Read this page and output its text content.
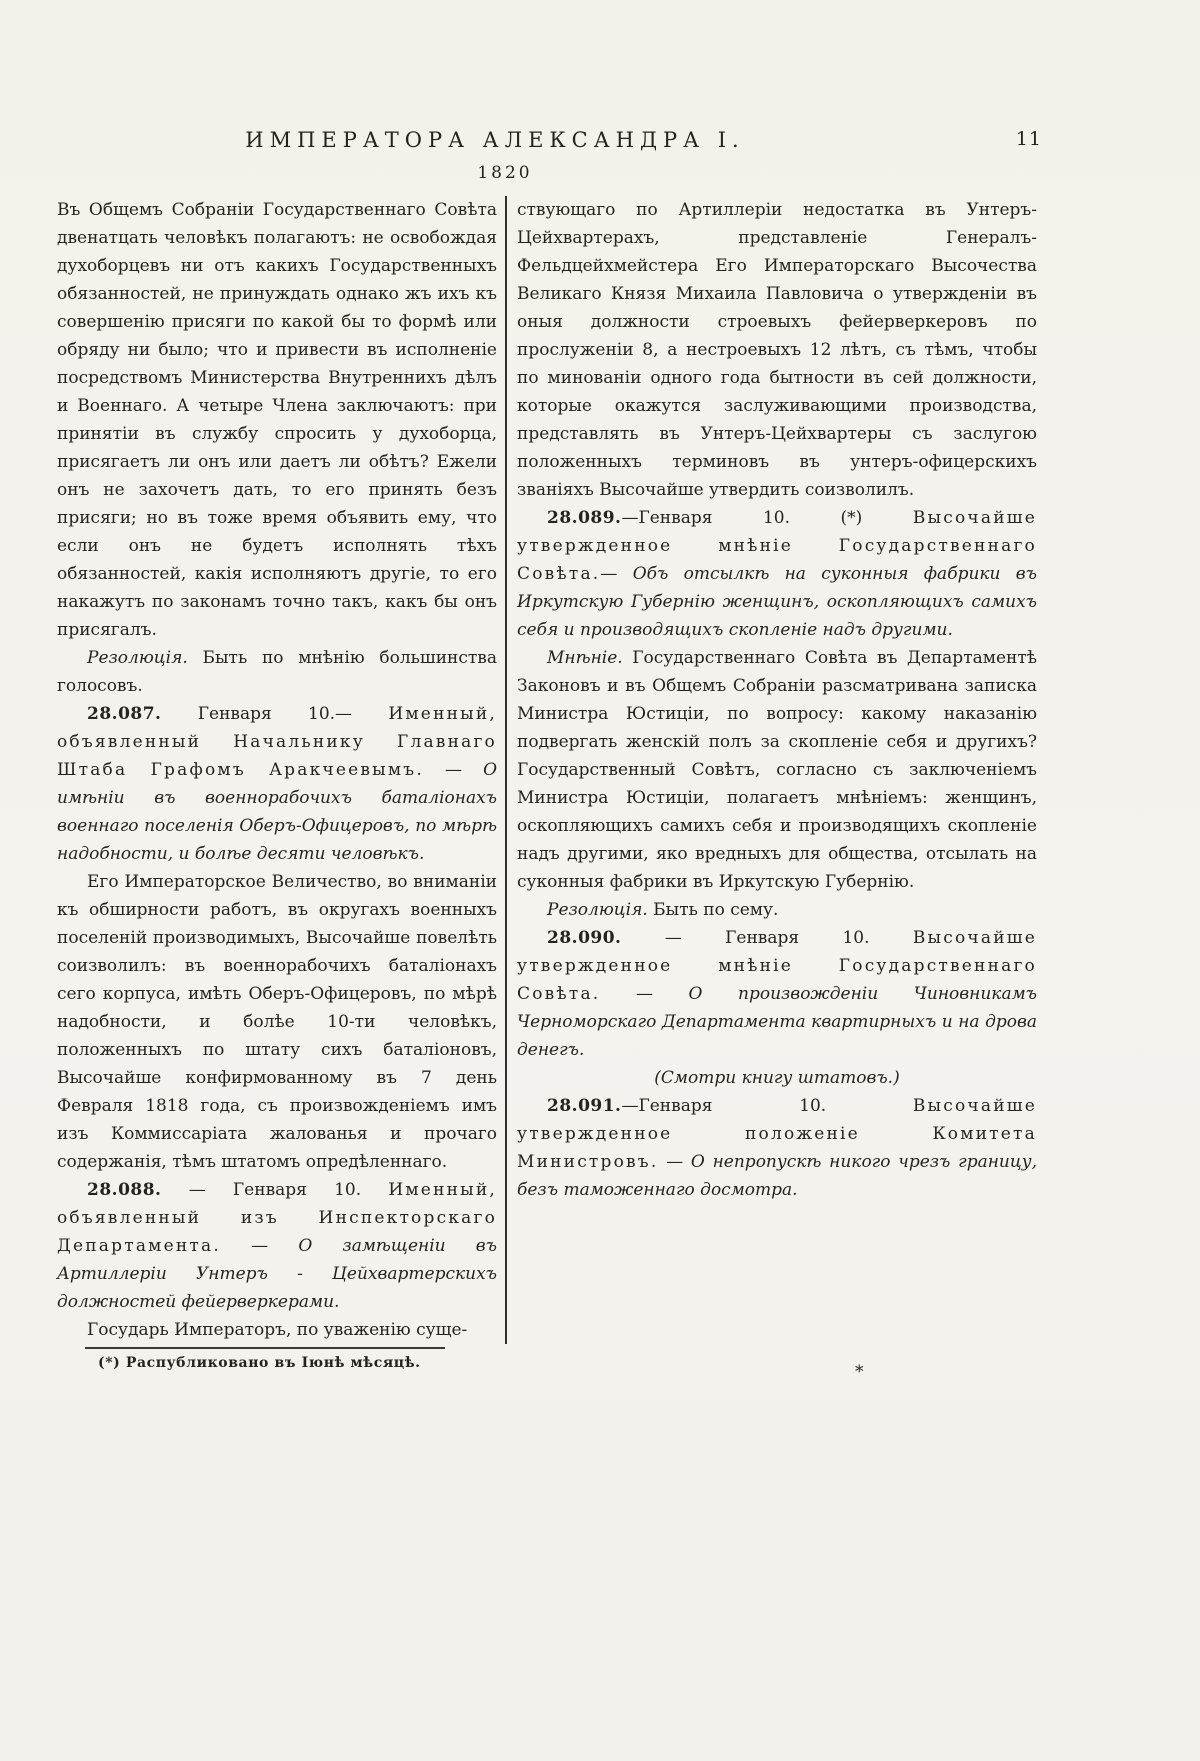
ИМПЕРАТОРА АЛЕКСАНДРА I.	11
1820

Въ Общемъ Собраніи Государственнаго Совѣта двенатцать человѣкъ полагаютъ: не освобождая духоборцевъ ни отъ какихъ Государственныхъ обязанностей, не принуждать однако жъ ихъ къ совершенію присяги по какой бы то формѣ или обряду ни было; что и привести въ исполненіе посредствомъ Министерства Внутреннихъ дѣлъ и Военнаго. А четыре Члена заключаютъ: при принятіи въ службу спросить у духоборца, присягаетъ ли онъ или даетъ ли обѣтъ? Ежели онъ не захочетъ дать, то его принять безъ присяги; но въ тоже время объявить ему, что если онъ не будетъ исполнять тѣхъ обязанностей, какія исполняютъ другіе, то его накажутъ по законамъ точно такъ, какъ бы онъ присягалъ.

Резолюція. Быть по мнѣнію большинства голосовъ.

28.087. Генваря 10.— Именный, объявленный Начальнику Главнаго Штаба Графомъ Аракчеевымъ. — О имѣніи въ военнорабочихъ баталіонахъ военнаго поселенія Оберъ-Офицеровъ, по мѣрѣ надобности, и болѣе десяти человѣкъ.

Его Императорское Величество, во вниманіи къ обширности работъ, въ округахъ военныхъ поселеній производимыхъ, Высочайше повелѣть соизволилъ: въ военнорабочихъ баталіонахъ сего корпуса, имѣть Оберъ-Офицеровъ, по мѣрѣ надобности, и болѣе 10-ти человѣкъ, положенныхъ по штату сихъ баталіоновъ, Высочайше конфирмованному въ 7 день Февраля 1818 года, съ произвожденіемъ имъ изъ Коммиссаріата жалованья и прочаго содержанія, тѣмъ штатомъ опредѣленнаго.

28.088. — Генваря 10. Именный, объявленный изъ Инспекторскаго Департамента. — О замѣщеніи въ Артиллеріи Унтеръ - Цейхвартерскихъ должностей фейерверкерами.

Государь Императоръ, по уваженію суще-

ствующаго по Артиллеріи недостатка въ Унтеръ-Цейхвартерахъ, представленіе Генералъ-Фельдцейхмейстера Его Императорскаго Высочества Великаго Князя Михаила Павловича о утвержденіи въ оныя должности строевыхъ фейерверкеровъ по прослуженіи 8, а нестроевыхъ 12 лѣтъ, съ тѣмъ, чтобы по минованіи одного года бытности въ сей должности, которые окажутся заслуживающими производства, представлять въ Унтеръ-Цейхвартеры съ заслугою положенныхъ терминовъ въ унтеръ-офицерскихъ званіяхъ Высочайше утвердить соизволилъ.

28.089.—Генваря 10. (*) Высочайше утвержденное мнѣніе Государственнаго Совѣта.— Объ отсылкѣ на суконныя фабрики въ Иркутскую Губернію женщинъ, оскопляющихъ самихъ себя и производящихъ скопленіе надъ другими.

Мнѣніе. Государственнаго Совѣта въ Департаментѣ Законовъ и въ Общемъ Собраніи разсматривана записка Министра Юстиціи, по вопросу: какому наказанію подвергать женскій полъ за скопленіе себя и другихъ? Государственный Совѣтъ, согласно съ заключеніемъ Министра Юстиціи, полагаетъ мнѣніемъ: женщинъ, оскопляющихъ самихъ себя и производящихъ скопленіе надъ другими, яко вредныхъ для общества, отсылать на суконныя фабрики въ Иркутскую Губернію.

Резолюція. Быть по сему.

28.090. — Генваря 10. Высочайше утвержденное мнѣніе Государственнаго Совѣта. — О произвожденіи Чиновникамъ Черноморскаго Департамента квартирныхъ и на дрова денегъ.

(Смотри книгу штатовъ.)

28.091.—Генваря 10. Высочайше утвержденное положеніе Комитета Министровъ. — О непропускѣ никого чрезъ границу, безъ таможеннаго досмотра.

(*) Распубликовано въ Іюнѣ мѣсяцѣ.	*
